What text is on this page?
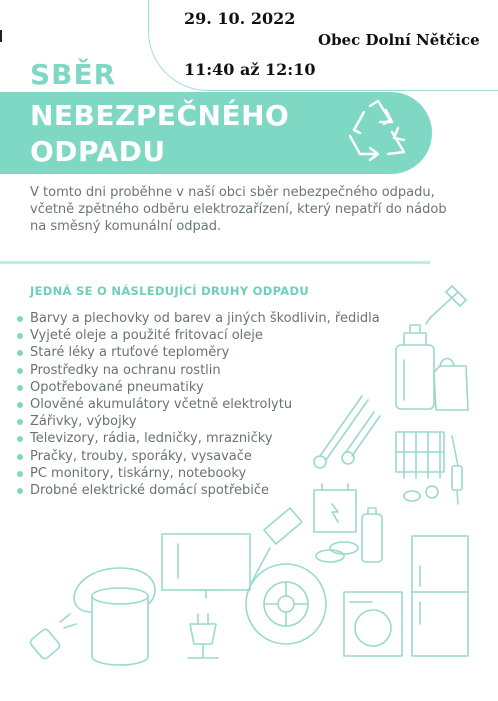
29. 10. 2022
Obec Dolní Nětčice
11:40 až 12:10
SBĚR
NEBEZPEČNÉHO
ODPADU
V tomto dni proběhne v naší obci sběr nebezpečného odpadu, včetně zpětného odběru elektrozařízení, který nepatří do nádob na směsný komunální odpad.
JEDNÁ SE O NÁSLEDUJÍCÍ DRUHY ODPADU
Barvy a plechovky od barev a jiných škodlivin, ředidla
Vyjeté oleje a použité fritovací oleje
Staré léky a rtuťové teploměry
Prostředky na ochranu rostlin
Opotřebované pneumatiky
Olověné akumulátory včetně elektrolytu
Zářivky, výbojky
Televizory, rádia, ledničky, mrazničky
Pračky, trouby, sporáky, vysavače
PC monitory, tiskárny, notebooky
Drobné elektrické domácí spotřebiče
